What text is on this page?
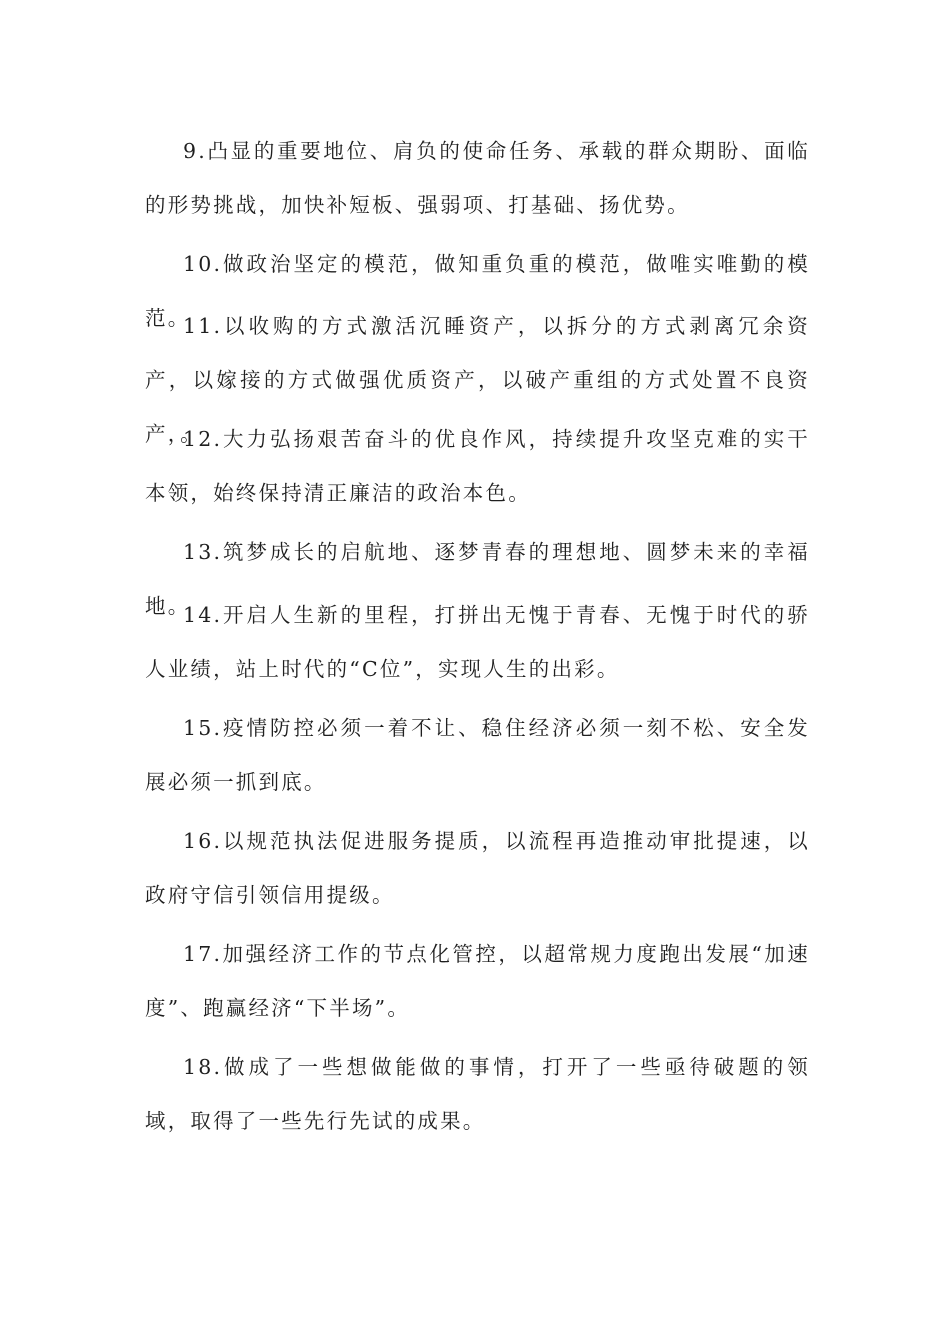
9.凸显的重要地位、肩负的使命任务、承载的群众期盼、面临的形势挑战，加快补短板、强弱项、打基础、扬优势。

10.做政治坚定的模范，做知重负重的模范，做唯实唯勤的模范。

11.以收购的方式激活沉睡资产，以拆分的方式剥离冗余资产，以嫁接的方式做强优质资产，以破产重组的方式处置不良资产，。

12.大力弘扬艰苦奋斗的优良作风，持续提升攻坚克难的实干本领，始终保持清正廉洁的政治本色。

13.筑梦成长的启航地、逐梦青春的理想地、圆梦未来的幸福地。

14.开启人生新的里程，打拼出无愧于青春、无愧于时代的骄人业绩，站上时代的“C位”，实现人生的出彩。

15.疫情防控必须一着不让、稳住经济必须一刻不松、安全发展必须一抓到底。

16.以规范执法促进服务提质，以流程再造推动审批提速，以政府守信引领信用提级。

17.加强经济工作的节点化管控，以超常规力度跑出发展“加速度”、跑赢经济“下半场”。

18.做成了一些想做能做的事情，打开了一些亟待破题的领域，取得了一些先行先试的成果。
